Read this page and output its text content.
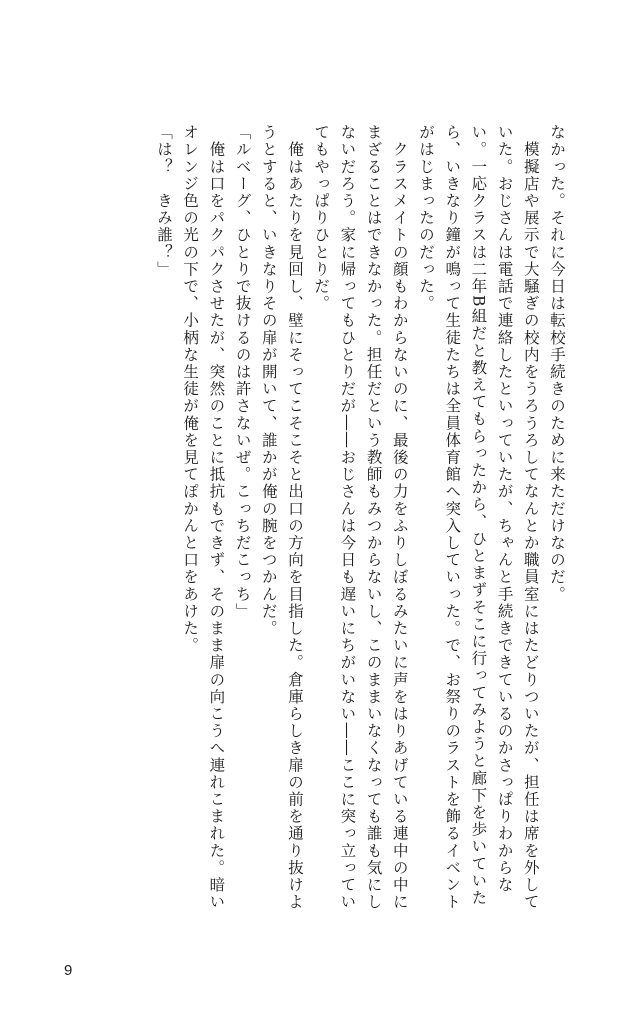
なかった。それに今日は転校手続きのために来ただけなのだ。

　模擬店や展示で大騒ぎの校内をうろうろしてなんとか職員室にはたどりついたが、担任は席を外していた。おじさんは電話で連絡したといっていたが、ちゃんと手続きできているのかさっぱりわからない。一応クラスは二年B組だと教えてもらったから、ひとまずそこに行ってみようと廊下を歩いていたら、いきなり鐘が鳴って生徒たちは全員体育館へ突入していった。で、お祭りのラストを飾るイベントがはじまったのだった。

　クラスメイトの顔もわからないのに、最後の力をふりしぼるみたいに声をはりあげている連中の中にまざることはできなかった。担任だという教師もみつからないし、このままいなくなっても誰も気にしないだろう。家に帰ってもひとりだが――おじさんは今日も遅いにちがいない――ここに突っ立っていてもやっぱりひとりだ。

　俺はあたりを見回し、壁にそってこそこそと出口の方向を目指した。倉庫らしき扉の前を通り抜けようとすると、いきなりその扉が開いて、誰かが俺の腕をつかんだ。

「ルベーグ、ひとりで抜けるのは許さないぜ。こっちだこっち」

　俺は口をパクパクさせたが、突然のことに抵抗もできず、そのまま扉の向こうへ連れこまれた。暗いオレンジ色の光の下で、小柄な生徒が俺を見てぽかんと口をあけた。

「は？　きみ誰？」

9
